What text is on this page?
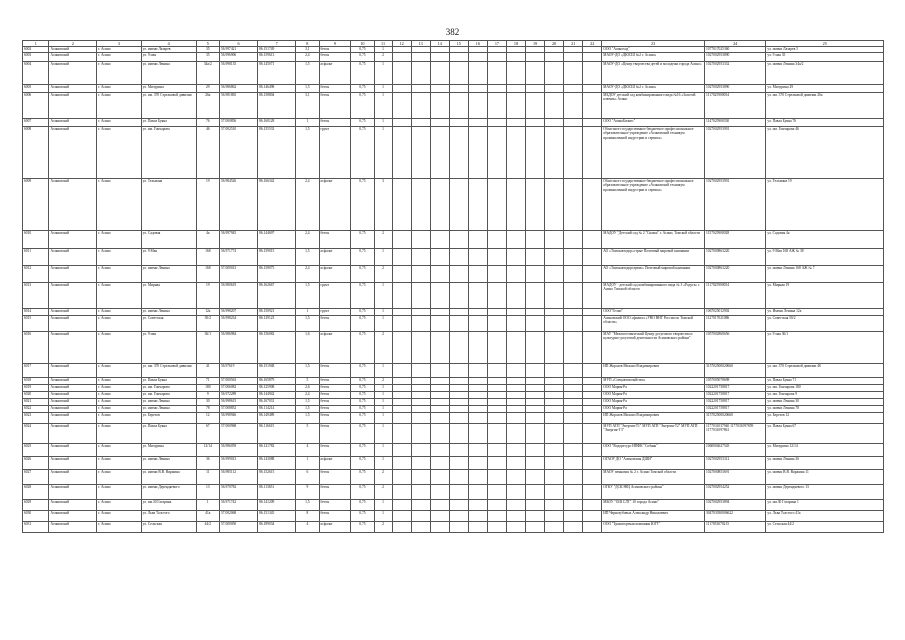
382
1	2	3	4	5	6	7	8	9	10	11	12	13	14	15	16	17	18	19	20	21	22	23	24	25
6002	Асиновский	г. Асино	ул. имени Лазарев	35	56.997421	86.151749	3,1	бетон	0,75	1												ООО "Асиноход"	1077017025360	ул. имени Лазарев 5
6003	Асиновский	г. Асино	ул. 9 мая	35	56.996906	86.159613	2,4	бетон	0,75	2												МАОУ-ДО «ДЮСШ №2 г. Асино»	1027002953890	ул. 9 мая 35
6004	Асиновский	г. Асино	ул. имени Ленина	34а/2	56.998135	86.145071	1,5	асфальт	0,75	1												МАОУ-ДО «Центр творчества детей и молодежи города Асино»	1027002953332	ул. имени Ленина 34а/2
6005	Асиновский	г. Асино	ул. Мичурина	29	56.986862	86.146498	1,5	бетон	0,75	1												МАОУ-ДО «ДЮСШ №2 г. Асино»	1027002953890	ул. Мичурина 29
6006	Асиновский	г. Асино	ул. им. 370 Стрелковой дивизии	26а	56.981865	86.158804	3,1	бетон	0,75	1												МБДОУ детский сад комбинированного вида №16 «Золотой ключик» Асино	1117025900054	ул. им. 370 Стрелковой дивизии 26а
6007	Асиновский	г. Асино	ул. Павла Буяна	76	57.000856	86.160128	1	бетон	0,75	1												ООО "АсиноБизнес"	1147025900330	ул. Павла Буяна 76
6008	Асиновский	г. Асино	ул. им. Гончарова	46	57.002510	86.155533	1,5	грунт	0,75	1												Областное государственное бюджетное профессиональное образовательное учреждение «Асиновский техникум промышленной индустрии и сервиса»	1027002953901	ул. им. Гончарова 46
6009	Асиновский	г. Асино	ул. Тельмана	19	56.984526	86.166342	2,4	асфальт	0,75	3												Областное государственное бюджетное профессиональное образовательное учреждение «Асиновский техникум промышленной индустрии и сервиса»	1027002953901	ул. Тельмана 19
6010	Асиновский	г. Асино	ул. Садовая	4а	56.997945	86.144697	2,4	бетон	0,75	2												МАДОУ "Детский сад № 2 "Сказка" г. Асино, Томской области	1157025900028	ул. Садовая 4а
6011	Асиновский	г. Асино	ул. 9 Мая	168	56.971774	86.159015	1,5	асфальт	0,75	1												АО «Томскавтодор»стрые Почтовый мировой кампании	1027000863220	ул. 9 Мая 168 АЖ № 38
6012	Асиновский	г. Асино	ул. имени Ленина	168	57.000013	86.158075	2,4	асфальт	0,75	2												АО «Томскавтодорсервис» Почтовый мировой кампании	1027000863220	ул. имени Ленина 168 АЖ № 7
6013	Асиновский	г. Асино	ул. Мирная	19	56.980619	86.162667	1,5	грунт	0,75	1												МАДОУ - детский сад комбинированного вида № 3 «Радуга» г. Асино Томской области	1117025900054	ул. Мирная 19
6014	Асиновский	г. Асино	ул. имени Ленина	12а	56.998207	86.150921	1	грунт	0,75	1												ООО"Гелио"	1067025012902	ул. Имени Ленина 12а
6015	Асиновский	г. Асино	ул. Советская	50/2	56.998234	86.129123	1,5	бетон	0,75	1												Асиновский ООО «филиал «УВО ВНГ России по Томской области»	1127017021086	ул. Советская 50/2
6016	Асиновский	г. Асино	ул. 9 мая	36/1	56.986984	86.156082	1,6	асфальт	0,75	2												МАУ "Межпоселенческий Центр досугового творчества и культурно-досуговой деятельности Асиновского района"	1057002860656	ул. 9 мая 36/1
6017	Асиновский	г. Асино	ул. им. 370 Стрелковой дивизии	41	56.97619	86.151948	1,5	бетон	0,75	1												ИП Жоразов Михаил Владимирович	315702500020660	ул. им. 370 Стрелковой дивизии 46
6018	Асиновский	г. Асино	ул. Павла Буяна	71	57.000563	86.165879	5	бетон	0,75	2												МУП «Спецавтохозяйство»	1057005078698	ул. Павла Буяна 71
6019	Асиновский	г. Асино	ул. им. Гончарова	180	57.006082	86.125908	2,6	бетон	0,75	1												ООО Мария-Ра	1022201758817	ул. им. Гончарова 180
6020	Асиновский	г. Асино	ул. им. Гончарова	9	56.972289	86.144942	2,4	бетон	0,75	1												ООО Мария-Ра	1022201758817	ул. им. Гончарова 9
6021	Асиновский	г. Асино	ул. имени Ленина	30	56.998615	86.167031	1,5	бетон	0,75	1												ООО Мария-Ра	1022201758817	ул. имени Ленина 30
6022	Асиновский	г. Асино	ул. имени Ленина	78	57.008852	86.114214	1,5	бетон	0,75	1												ООО Мария-Ра	1022201758817	ул. имени Ленина 78
6023	Асиновский	г. Асино	ул. Березов	12	56.998946	86.149489	1,5	бетон	0,75	1												ИП Жоразов Михаил Владимирович	315702500020660	ул. Березов 12
6024	Асиновский	г. Асино	ул. Павла Буяна	67	57.000968	86.116615	5	бетон	0,75	1												МУП АТП "Энергия-Т1" МУП АТП "Энергия-Т2" МУП АТП "Энергия-Т3"	1177031037940 1177031097859 1177031097861	ул. Павла Буяна 67
6025	Асиновский	г. Асино	ул. Мичурина	12/14	56.986059	86.121782	4	бетон	0,75	1												ООО "Водоресурс НПФК "Собянь"	1060004627545	ул. Мичурина 12/14
6026	Асиновский	г. Асино	ул. имени Ленина	36	56.999013	86.143088	1	асфальт	0,75	1												ОГАОУ ДО "Асиновская ДШИ"	1027002953312	ул. имени Ленина 36
6027	Асиновский	г. Асино	ул. имени В.В. Вяржина	11	56.985112	86.152615	6	бетон	0,75	2												МАОУ гимназия № 2 г. Асино Томской области	1027000853691	ул. имени В.В. Вяржина 11
6028	Асиновский	г. Асино	ул. имени Дерендяевого	13	56.970782	86.113651	9	бетон	0,75	2												ОГКУ "ДСКЭНЦ Асиновского района"	1027002954252	ул. имени Дерендяевого 13
6029	Асиновский	г. Асино	ул. им.30 Гагарина	1	56.971742	86.141209	1,5	бетон	0,75	1												МБОУ "ОШ СЛТ" 10 города Асино"	1027002953894	ул. им.30 Гагарина 1
6030	Асиновский	г. Асино	ул. Льва Толстого	41а	57.002068	86.151345	8	бетон	0,75	1												ИП Чернозубовых Александр Николаевич	304703030006622	ул. Льва Толстого 41а
6031	Асиновский	г. Асино	ул. Сельская	44/2	57.000050	86.189034	4	асфальт	0,75	2												ООО "Транспортная компания ЮГТ"	1117053070215	ул. Сельская 44/2
